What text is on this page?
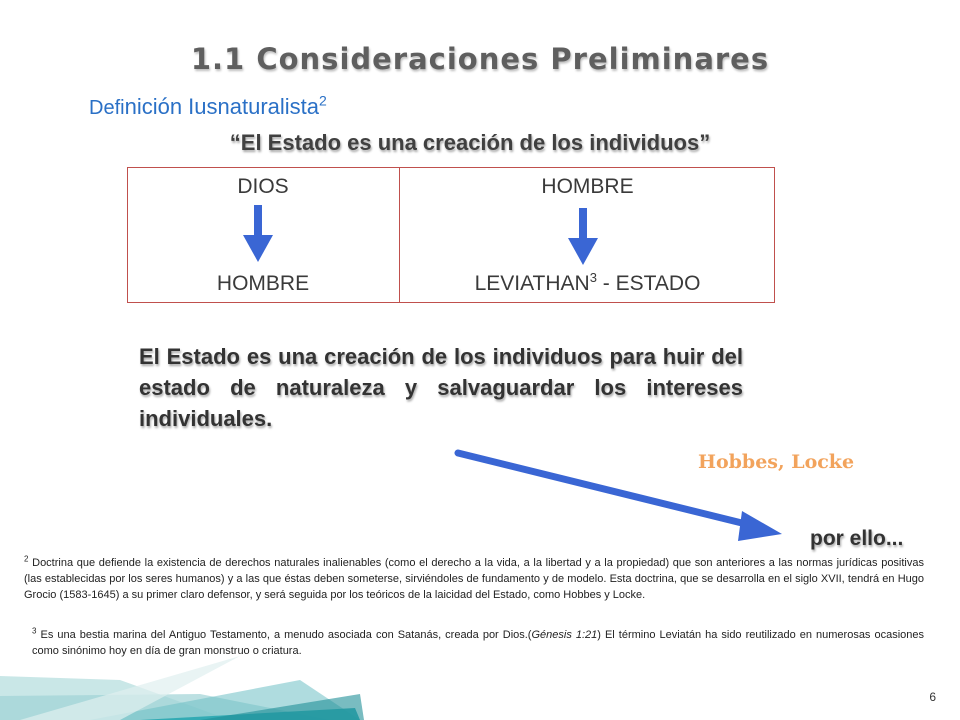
1.1 Consideraciones Preliminares
Definición Iusnaturalista$^2$
“El Estado es una creación de los individuos”
DIOS
HOMBRE
HOMBRE
LEVIATHAN$^3$ - ESTADO
El Estado es una creación de los individuos para huir del estado de naturaleza y salvaguardar los intereses individuales.
Hobbes, Locke
por ello...
$^2$ Doctrina que defiende la existencia de derechos naturales inalienables (como el derecho a la vida, a la libertad y a la propiedad) que son anteriores a las normas jurídicas positivas (las establecidas por los seres humanos) y a las que éstas deben someterse, sirviéndoles de fundamento y de modelo. Esta doctrina, que se desarrolla en el siglo XVII, tendrá en Hugo Grocio (1583-1645) a su primer claro defensor, y será seguida por los teóricos de la laicidad del Estado, como Hobbes y Locke.
$^3$ Es una bestia marina del Antiguo Testamento, a menudo asociada con Satanás, creada por Dios.(Génesis 1:21) El término Leviatán ha sido reutilizado en numerosas ocasiones como sinónimo hoy en día de gran monstruo o criatura.
6
